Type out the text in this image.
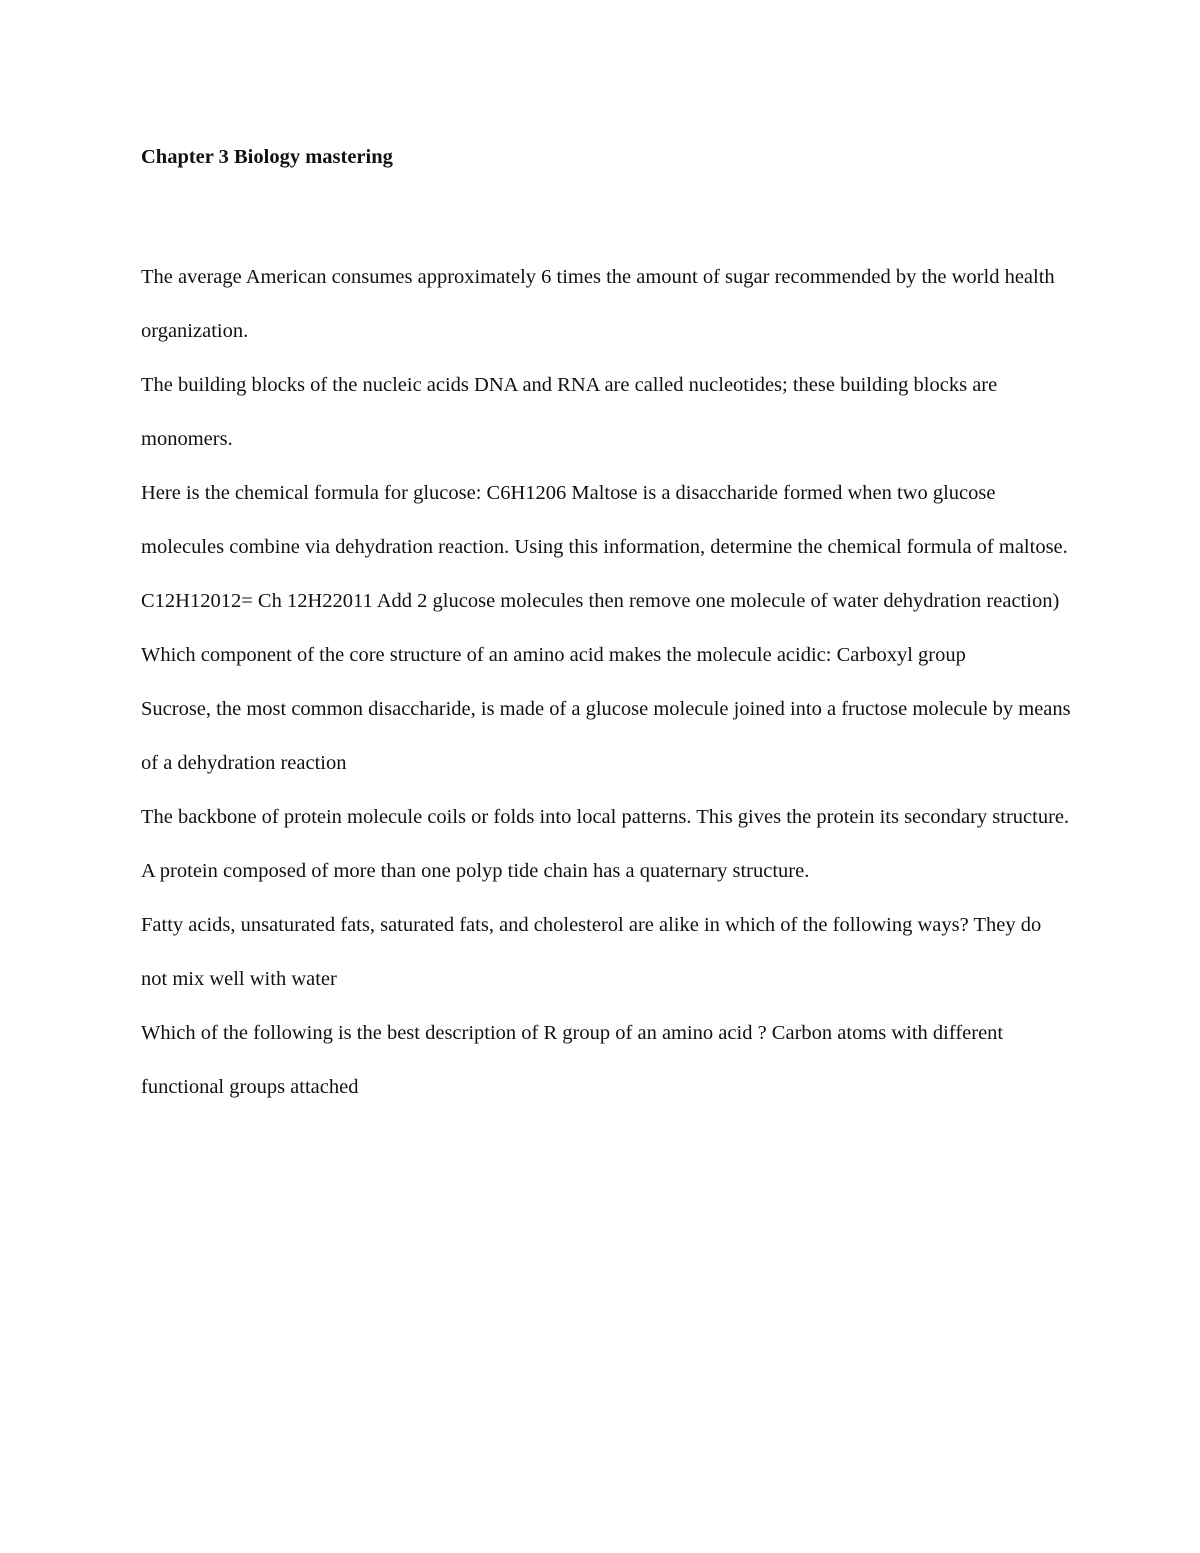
Chapter 3 Biology mastering

The average American consumes approximately 6 times the amount of sugar recommended by the world health organization.

The building blocks of the nucleic acids DNA and RNA are called nucleotides; these building blocks are monomers.

Here is the chemical formula for glucose: C6H1206 Maltose is a disaccharide formed when two glucose molecules combine via dehydration reaction. Using this information, determine the chemical formula of maltose.

C12H12012= Ch 12H22011 Add 2 glucose molecules then remove one molecule of water dehydration reaction)

Which component of the core structure of an amino acid makes the molecule acidic: Carboxyl group

Sucrose, the most common disaccharide, is made of a glucose molecule joined into a fructose molecule by means of a dehydration reaction

The backbone of protein molecule coils or folds into local patterns. This gives the protein its secondary structure. A protein composed of more than one polyp tide chain has a quaternary structure.

Fatty acids, unsaturated fats, saturated fats, and cholesterol are alike in which of the following ways? They do not mix well with water

Which of the following is the best description of R group of an amino acid ? Carbon atoms with different functional groups attached
